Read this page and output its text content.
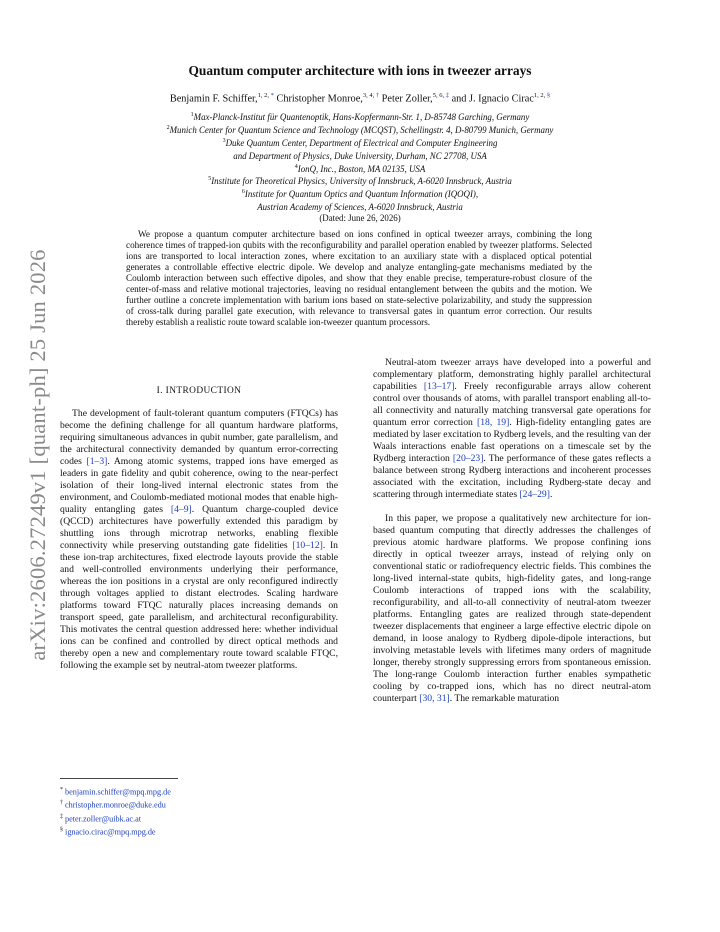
arXiv:2606.27249v1 [quant-ph] 25 Jun 2026
Quantum computer architecture with ions in tweezer arrays
Benjamin F. Schiffer,$^{1, 2, *}$ Christopher Monroe,$^{3, 4, \dagger}$ Peter Zoller,$^{5, 6, \ddagger}$ and J. Ignacio Cirac$^{1, 2, \S}$
$^1$Max-Planck-Institut für Quantenoptik, Hans-Kopfermann-Str. 1, D-85748 Garching, Germany
$^2$Munich Center for Quantum Science and Technology (MCQST), Schellingstr. 4, D-80799 Munich, Germany
$^3$Duke Quantum Center, Department of Electrical and Computer Engineering
and Department of Physics, Duke University, Durham, NC 27708, USA
$^4$IonQ, Inc., Boston, MA 02135, USA
$^5$Institute for Theoretical Physics, University of Innsbruck, A-6020 Innsbruck, Austria
$^6$Institute for Quantum Optics and Quantum Information (IQOQI),
Austrian Academy of Sciences, A-6020 Innsbruck, Austria
(Dated: June 26, 2026)
We propose a quantum computer architecture based on ions confined in optical tweezer arrays, combining the long coherence times of trapped-ion qubits with the reconfigurability and parallel operation enabled by tweezer platforms. Selected ions are transported to local interaction zones, where excitation to an auxiliary state with a displaced optical potential generates a controllable effective electric dipole. We develop and analyze entangling-gate mechanisms mediated by the Coulomb interaction between such effective dipoles, and show that they enable precise, temperature-robust closure of the center-of-mass and relative motional trajectories, leaving no residual entanglement between the qubits and the motion. We further outline a concrete implementation with barium ions based on state-selective polarizability, and study the suppression of cross-talk during parallel gate execution, with relevance to transversal gates in quantum error correction. Our results thereby establish a realistic route toward scalable ion-tweezer quantum processors.
I. INTRODUCTION

The development of fault-tolerant quantum computers (FTQCs) has become the defining challenge for all quantum hardware platforms, requiring simultaneous advances in qubit number, gate parallelism, and the architectural connectivity demanded by quantum error-correcting codes [1–3]. Among atomic systems, trapped ions have emerged as leaders in gate fidelity and qubit coherence, owing to the near-perfect isolation of their long-lived internal electronic states from the environment, and Coulomb-mediated motional modes that enable high-quality entangling gates [4–9]. Quantum charge-coupled device (QCCD) architectures have powerfully extended this paradigm by shuttling ions through microtrap networks, enabling flexible connectivity while preserving outstanding gate fidelities [10–12]. In these ion-trap architectures, fixed electrode layouts provide the stable and well-controlled environments underlying their performance, whereas the ion positions in a crystal are only reconfigured indirectly through voltages applied to distant electrodes. Scaling hardware platforms toward FTQC naturally places increasing demands on transport speed, gate parallelism, and architectural reconfigurability. This motivates the central question addressed here: whether individual ions can be confined and controlled by direct optical methods and thereby open a new and complementary route toward scalable FTQC, following the example set by neutral-atom tweezer platforms.

Neutral-atom tweezer arrays have developed into a powerful and complementary platform, demonstrating highly parallel architectural capabilities [13–17]. Freely reconfigurable arrays allow coherent control over thousands of atoms, with parallel transport enabling all-to-all connectivity and naturally matching transversal gate operations for quantum error correction [18, 19]. High-fidelity entangling gates are mediated by laser excitation to Rydberg levels, and the resulting van der Waals interactions enable fast operations on a timescale set by the Rydberg interaction [20–23]. The performance of these gates reflects a balance between strong Rydberg interactions and incoherent processes associated with the excitation, including Rydberg-state decay and scattering through intermediate states [24–29].

In this paper, we propose a qualitatively new architecture for ion-based quantum computing that directly addresses the challenges of previous atomic hardware platforms. We propose confining ions directly in optical tweezer arrays, instead of relying only on conventional static or radiofrequency electric fields. This combines the long-lived internal-state qubits, high-fidelity gates, and long-range Coulomb interactions of trapped ions with the scalability, reconfigurability, and all-to-all connectivity of neutral-atom tweezer platforms. Entangling gates are realized through state-dependent tweezer displacements that engineer a large effective electric dipole on demand, in loose analogy to Rydberg dipole-dipole interactions, but involving metastable levels with lifetimes many orders of magnitude longer, thereby strongly suppressing errors from spontaneous emission. The long-range Coulomb interaction further enables sympathetic cooling by co-trapped ions, which has no direct neutral-atom counterpart [30, 31]. The remarkable maturation

* benjamin.schiffer@mpq.mpg.de
† christopher.monroe@duke.edu
‡ peter.zoller@uibk.ac.at
§ ignacio.cirac@mpq.mpg.de
